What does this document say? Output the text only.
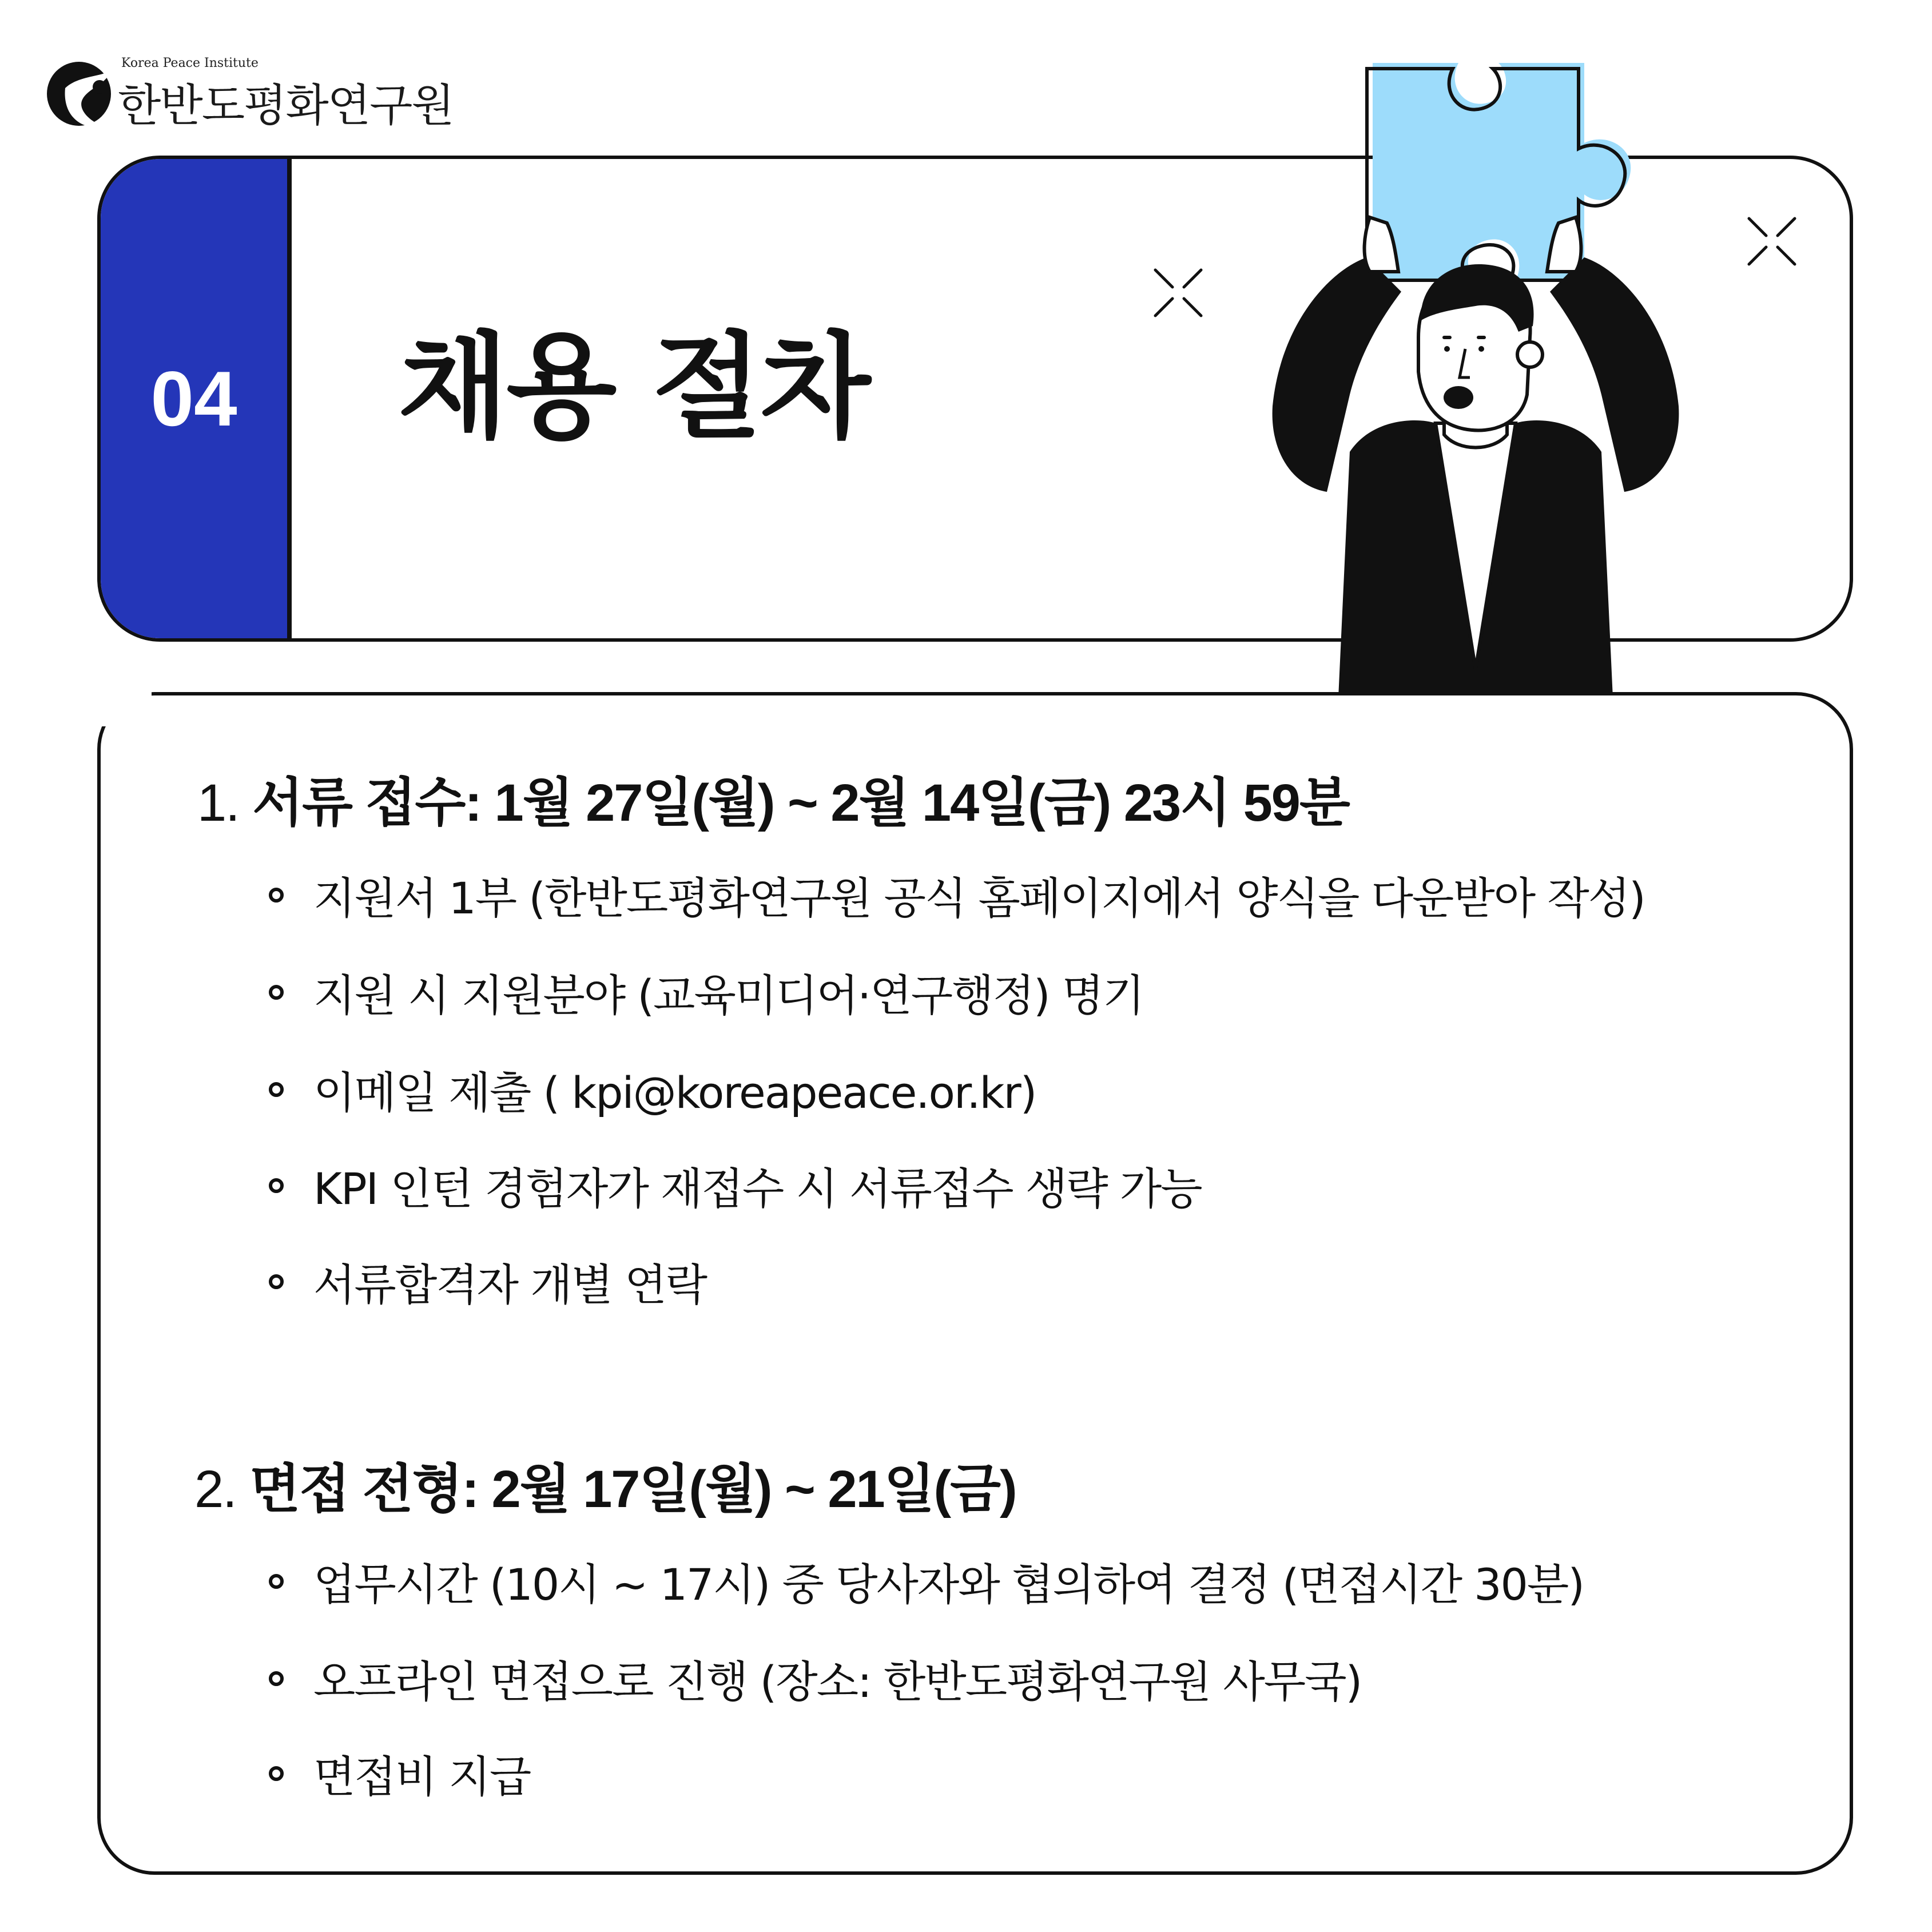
Korea Peace Institute
한반도평화연구원
04	채용 절차
1. 서류 접수: 1월 27일(월) ~ 2월 14일(금) 23시 59분
지원서 1부 (한반도평화연구원 공식 홈페이지에서 양식을 다운받아 작성)
지원 시 지원분야 (교육미디어·연구행정) 명기
이메일 제출 ( kpi@koreapeace.or.kr)
KPI 인턴 경험자가 재접수 시 서류접수 생략 가능
서류합격자 개별 연락
2. 면접 전형: 2월 17일(월) ~ 21일(금)
업무시간 (10시 ~ 17시) 중 당사자와 협의하여 결정 (면접시간 30분)
오프라인 면접으로 진행 (장소: 한반도평화연구원 사무국)
면접비 지급
